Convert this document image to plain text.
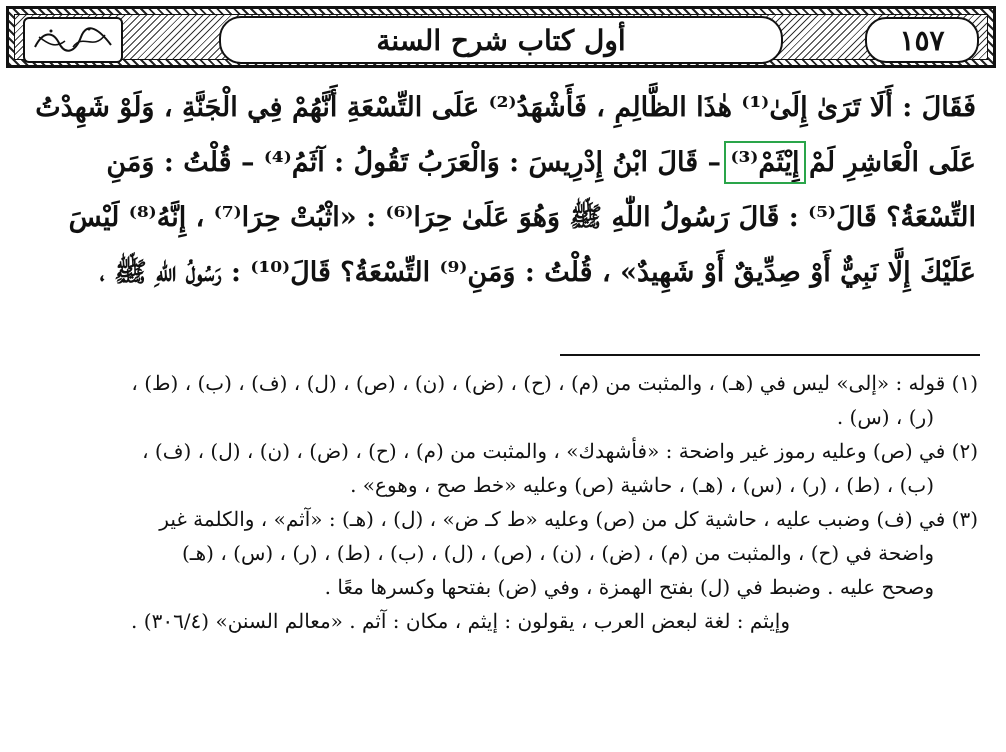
أول كتاب شرح السنة	١٥٧
فَقَالَ : أَلَا تَرَىٰ إِلَىٰ⁽¹⁾ هٰذَا الظَّالِمِ ، فَأَشْهَدُ⁽²⁾ عَلَى التِّسْعَةِ أَنَّهُمْ فِي الْجَنَّةِ ، وَلَوْ شَهِدْتُ
عَلَى الْعَاشِرِ لَمْ إِيْثَمْ⁽³⁾ – قَالَ ابْنُ إِدْرِيسَ : وَالْعَرَبُ تَقُولُ : آثَمُ⁽⁴⁾ – قُلْتُ : وَمَنِ
التِّسْعَةُ؟ قَالَ⁽⁵⁾ : قَالَ رَسُولُ اللّٰهِ ﷺ وَهُوَ عَلَىٰ حِرَا⁽⁶⁾ : «اثْبُتْ حِرَا⁽⁷⁾ ، إِنَّهُ⁽⁸⁾ لَيْسَ
عَلَيْكَ إِلَّا نَبِيٌّ أَوْ صِدِّيقٌ أَوْ شَهِيدٌ» ، قُلْتُ : وَمَنِ⁽⁹⁾ التِّسْعَةُ؟ قَالَ⁽¹⁰⁾ : رَسُولُ اللّٰهِ ﷺ ،
(١) قوله : «إلى» ليس في (هـ) ، والمثبت من (م) ، (ح) ، (ض) ، (ن) ، (ص) ، (ل) ، (ف) ، (ب) ، (ط) ،
(ر) ، (س) .
(٢) في (ص) وعليه رموز غير واضحة : «فأشهدك» ، والمثبت من (م) ، (ح) ، (ض) ، (ن) ، (ل) ، (ف) ،
(ب) ، (ط) ، (ر) ، (س) ، (هـ) ، حاشية (ص) وعليه «خط صح ، وهوع» .
(٣) في (ف) وضبب عليه ، حاشية كل من (ص) وعليه «ط كـ ض» ، (ل) ، (هـ) : «آثم» ، والكلمة غير
واضحة في (ح) ، والمثبت من (م) ، (ض) ، (ن) ، (ص) ، (ل) ، (ب) ، (ط) ، (ر) ، (س) ، (هـ)
وصحح عليه . وضبط في (ل) بفتح الهمزة ، وفي (ض) بفتحها وكسرها معًا .
وإيثم : لغة لبعض العرب ، يقولون : إيثم ، مكان : آثم . «معالم السنن» (٣٠٦/٤) .
